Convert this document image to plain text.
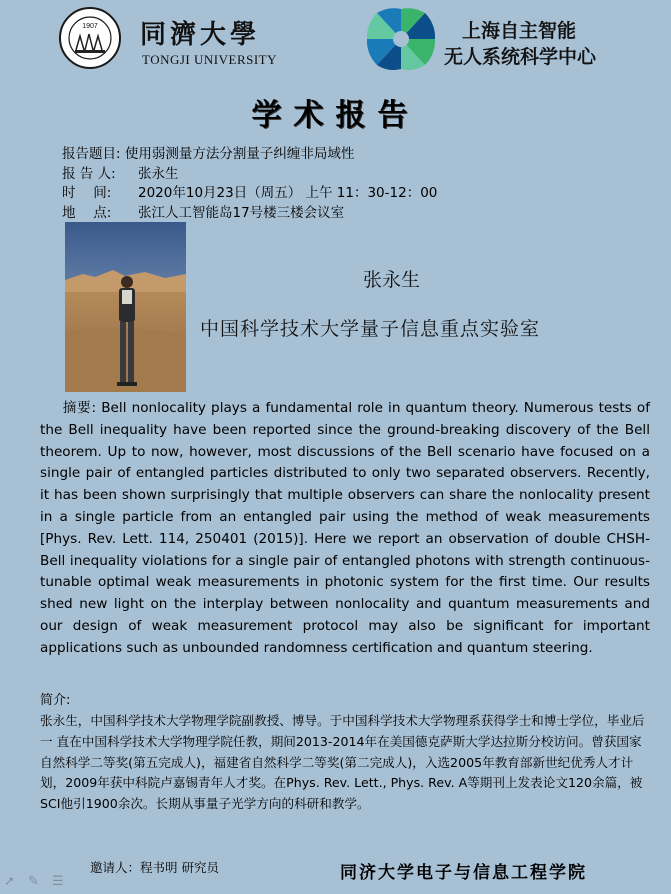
1907 同濟大學
TONGJI UNIVERSITY
上海自主智能
无人系统科学中心
学术报告
报告题目: 使用弱测量方法分割量子纠缠非局域性
报 告 人: 张永生
时　 间: 2020年10月23日（周五） 上午 11：30-12：00
地　 点: 张江人工智能岛17号楼三楼会议室
张永生
中国科学技术大学量子信息重点实验室
摘要: Bell nonlocality plays a fundamental role in quantum theory. Numerous tests of the Bell inequality have been reported since the ground-breaking discovery of the Bell theorem. Up to now, however, most discussions of the Bell scenario have focused on a single pair of entangled particles distributed to only two separated observers. Recently, it has been shown surprisingly that multiple observers can share the nonlocality present in a single particle from an entangled pair using the method of weak measurements [Phys. Rev. Lett. 114, 250401 (2015)]. Here we report an observation of double CHSH-Bell inequality violations for a single pair of entangled photons with strength continuous-tunable optimal weak measurements in photonic system for the first time. Our results shed new light on the interplay between nonlocality and quantum measurements and our design of weak measurement protocol may also be significant for important applications such as unbounded randomness certification and quantum steering.
简介:
张永生，中国科学技术大学物理学院副教授、博导。于中国科学技术大学物理系获得学士和博士学位，毕业后一 直在中国科学技术大学物理学院任教，期间2013-2014年在美国德克萨斯大学达拉斯分校访问。曾获国家自然科学二等奖(第五完成人)，福建省自然科学二等奖(第二完成人)，入选2005年教育部新世纪优秀人才计划，2009年获中科院卢嘉锡青年人才奖。在Phys. Rev. Lett., Phys. Rev. A等期刊上发表论文120余篇，被SCI他引1900余次。长期从事量子光学方向的科研和教学。
邀请人：程书明 研究员	同济大学电子与信息工程学院
➚ ✎ ☰
